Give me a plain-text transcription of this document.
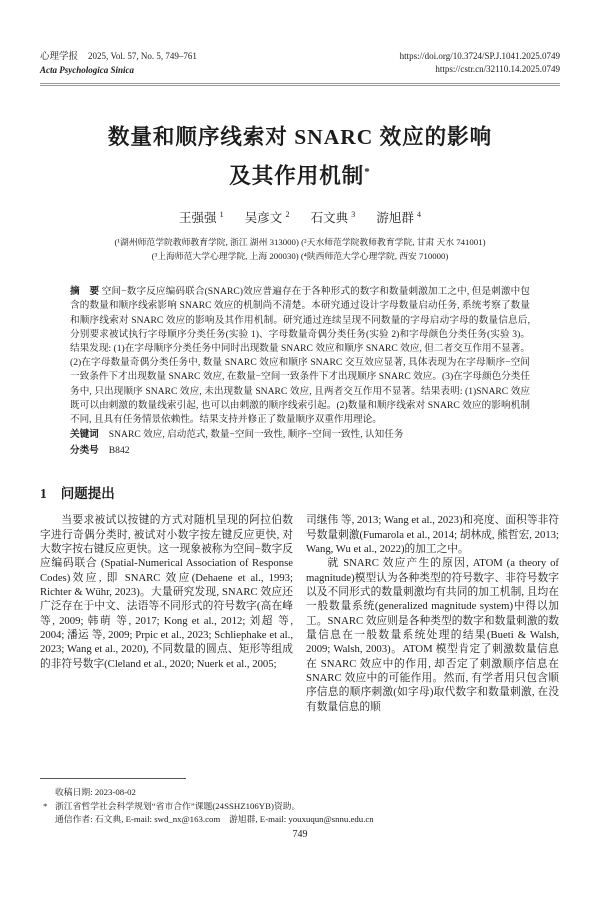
心理学报 2025, Vol. 57, No. 5, 749–761
Acta Psychologica Sinica
https://doi.org/10.3724/SP.J.1041.2025.0749
https://cstr.cn/32110.14.2025.0749
数量和顺序线索对 SNARC 效应的影响
及其作用机制*
王强强 $^1$ 吴彦文 $^2$ 石文典 $^3$ 游旭群 $^4$
(¹湖州师范学院教师教育学院, 浙江 湖州 313000) (²天水师范学院教师教育学院, 甘肃 天水 741001)
(³上海师范大学心理学院, 上海 200030) (⁴陕西师范大学心理学院, 西安 710000)
摘　要 空间−数字反应编码联合(SNARC)效应普遍存在于各种形式的数字和数量刺激加工之中, 但是刺激中包含的数量和顺序线索影响 SNARC 效应的机制尚不清楚。本研究通过设计字母数量启动任务, 系统考察了数量和顺序线索对 SNARC 效应的影响及其作用机制。研究通过连续呈现不同数量的字母启动字母的数量信息后, 分别要求被试执行字母顺序分类任务(实验 1)、字母数量奇偶分类任务(实验 2)和字母颜色分类任务(实验 3)。结果发现: (1)在字母顺序分类任务中同时出现数量 SNARC 效应和顺序 SNARC 效应, 但二者交互作用不显著。(2)在字母数量奇偶分类任务中, 数量 SNARC 效应和顺序 SNARC 交互效应显著, 具体表现为在字母顺序−空间一致条件下才出现数量 SNARC 效应, 在数量−空间一致条件下才出现顺序 SNARC 效应。(3)在字母颜色分类任务中, 只出现顺序 SNARC 效应, 未出现数量 SNARC 效应, 且两者交互作用不显著。结果表明: (1)SNARC 效应既可以由刺激的数量线索引起, 也可以由刺激的顺序线索引起。(2)数量和顺序线索对 SNARC 效应的影响机制不同, 且具有任务情景依赖性。结果支持并修正了数量顺序双重作用理论。
关键词 SNARC 效应, 启动范式, 数量−空间一致性, 顺序−空间一致性, 认知任务
分类号 B842
1 问题提出

当要求被试以按键的方式对随机呈现的阿拉伯数字进行奇偶分类时, 被试对小数字按左键反应更快, 对大数字按右键反应更快。这一现象被称为空间−数字反应编码联合 (Spatial-Numerical Association of Response Codes)效应, 即 SNARC 效应(Dehaene et al., 1993; Richter & Wühr, 2023)。大量研究发现, SNARC 效应还广泛存在于中文、法语等不同形式的符号数字(高在峰 等, 2009; 韩萌 等, 2017; Kong et al., 2012; 刘超 等, 2004; 潘运 等, 2009; Prpic et al., 2023; Schliephake et al., 2023; Wang et al., 2020), 不同数量的圆点、矩形等组成的非符号数字(Cleland et al., 2020; Nuerk et al., 2005;

司继伟 等, 2013; Wang et al., 2023)和亮度、面积等非符号数量刺激(Fumarola et al., 2014; 胡林成, 熊哲宏, 2013; Wang, Wu et al., 2022)的加工之中。

就 SNARC 效应产生的原因, ATOM (a theory of magnitude)模型认为各种类型的符号数字、非符号数字以及不同形式的数量刺激均有共同的加工机制, 且均在一般数量系统(generalized magnitude system)中得以加工。SNARC 效应则是各种类型的数字和数量刺激的数量信息在一般数量系统处理的结果(Bueti & Walsh, 2009; Walsh, 2003)。ATOM 模型肯定了刺激数量信息在 SNARC 效应中的作用, 却否定了刺激顺序信息在 SNARC 效应中的可能作用。然而, 有学者用只包含顺序信息的顺序刺激(如字母)取代数字和数量刺激, 在没有数量信息的顺

收稿日期: 2023-08-02
* 浙江省哲学社会科学规划“省市合作”课题(24SSHZ106YB)资助。
通信作者: 石文典, E-mail: swd_nx@163.com　游旭群, E-mail: youxuqun@snnu.edu.cn
749
